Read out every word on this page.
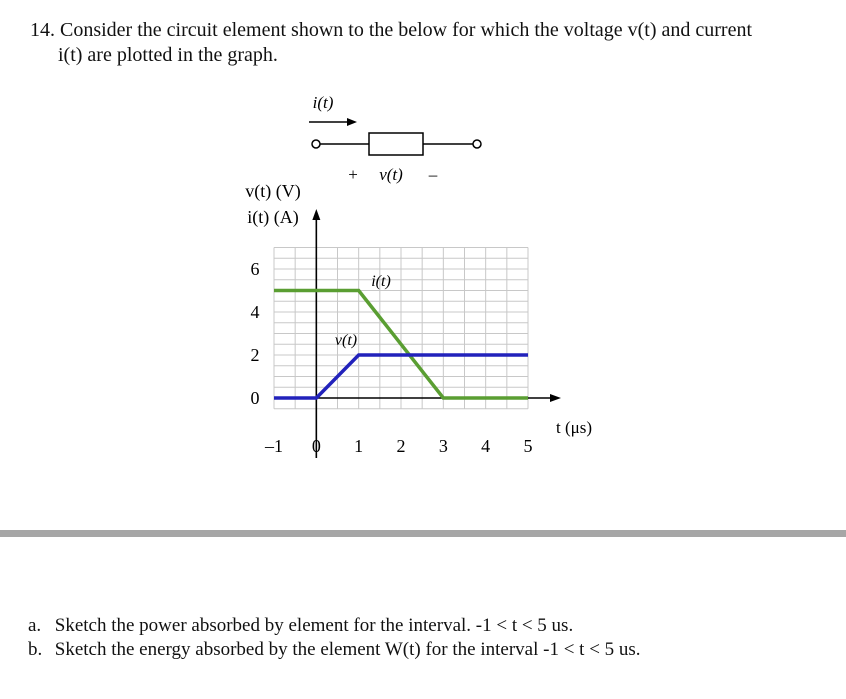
14. Consider the circuit element shown to the below for which the voltage v(t) and current
i(t) are plotted in the graph.
i(t)
+ v(t) –
v(t) (V)
i(t) (A)
–1 0 1 2 3 4 5
6
4
2
0
t (μs)
i(t)
v(t)
a. Sketch the power absorbed by element for the interval. -1 < t < 5 us.
b. Sketch the energy absorbed by the element W(t) for the interval -1 < t < 5 us.
